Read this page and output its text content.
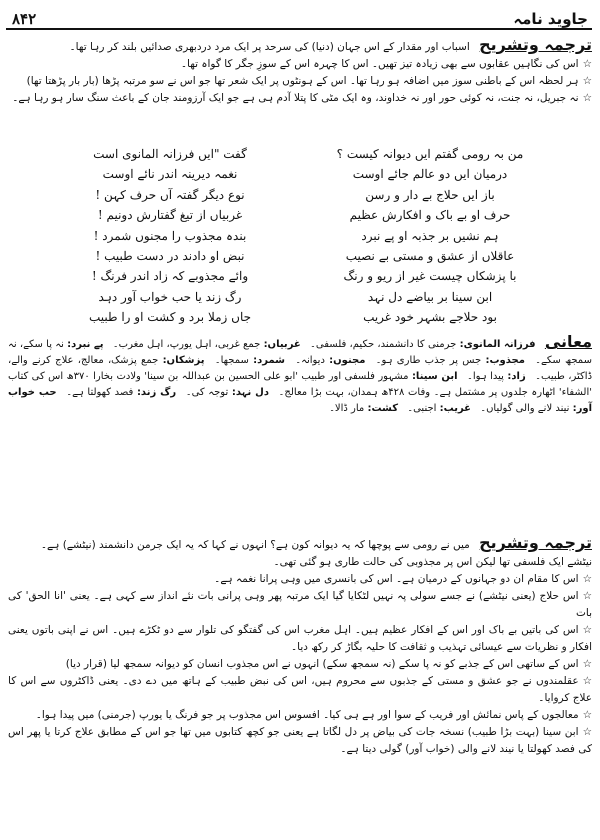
جاوید نامہ
۸۴۲

ترجمہ وتشریح اسباب اور مقدار کے اس جہان (دنیا) کی سرحد پر ایک مرد دردبھری صدائیں بلند کر رہا تھا۔

☆اس کی نگاہیں عقابوں سے بھی زیادہ تیز تھیں۔ اس کا چہرہ اس کے سوزِ جگر کا گواہ تھا۔

☆ہر لحظہ اس کے باطنی سوز میں اضافہ ہو رہا تھا۔ اس کے ہونٹوں پر ایک شعر تھا جو اس نے سو مرتبہ پڑھا (بار بار پڑھتا تھا)

☆نہ جبریل، نہ جنت، نہ کوئی حور اور نہ خداوند، وہ ایک مٹی کا پتلا آدم ہی ہے جو ایک آرزومند جان کے باعث سنگ سار ہو رہا ہے۔

من بہ رومی گفتم ایں دیوانہ کیست ؟
گفت "ایں فرزانہ المانوی است
درمیان ایں دو عالم جائے اوست
نغمہ دیرینہ اندر نائے اوست
باز ایں حلاج بے دار و رسن
نوع دیگر گفتہ آں حرف کہن !
حرف او بے باک و افکارش عظیم
غربیاں از تیغ گفتارش دونیم !
ہم نشیں بر جذبہ او پے نبرد
بندہ مجذوب را مجنوں شمرد !
عاقلاں از عشق و مستی بے نصیب
نبض او دادند در دست طبیب !
با پزشکاں چیست غیر از ریو و رنگ
وائے مجذوبے کہ زاد اندر فرنگ !
ابن سینا بر بیاضے دل نہد
رگ زند یا حب خواب آور دہد
بود حلاجے بشہر خود غریب
جاں زملا برد و کشت او را طبیب

معانی فرزانہ المانوی: جرمنی کا دانشمند، حکیم، فلسفی۔ غربیاں: جمع غربی، اہل یورپ، اہل مغرب۔ پے نبرد: نہ پا سکے، نہ سمجھ سکے۔ مجذوب: جس پر جذب طاری ہو۔ مجنوں: دیوانہ۔ شمرد: سمجھا۔ پزشکاں: جمع پزشک، معالج، علاج کرنے والے، ڈاکٹر، طبیب۔ زاد: پیدا ہوا۔ ابن سینا: مشہور فلسفی اور طبیب 'ابو علی الحسین بن عبداللہ بن سینا' ولادت بخارا ۳۷۰ھ اس کی کتاب 'الشفاء' اٹھارہ جلدوں پر مشتمل ہے۔ وفات ۴۲۸ھ ہمدان، بہت بڑا معالج۔ دل نہد: توجہ کی۔ رگ زند: فصد کھولتا ہے۔ حب خواب آور: نیند لانے والی گولیاں۔ غریب: اجنبی۔ کشت: مار ڈالا۔

ترجمہ وتشریح میں نے رومی سے پوچھا کہ یہ دیوانہ کون ہے؟ انہوں نے کہا کہ یہ ایک جرمن دانشمند (نیٹشے) ہے۔

نیٹشے ایک فلسفی تھا لیکن اس پر مجذوبی کی حالت طاری ہو گئی تھی۔

☆اس کا مقام ان دو جہانوں کے درمیان ہے۔ اس کی بانسری میں وہی پرانا نغمہ ہے۔

☆اس حلاج (یعنی نیٹشے) نے جسے سولی پہ نہیں لٹکایا گیا ایک مرتبہ پھر وہی پرانی بات نئے انداز سے کہی ہے۔ یعنی 'انا الحق' کی بات

☆اس کی باتیں بے باک اور اس کے افکار عظیم ہیں۔ اہل مغرب اس کی گفتگو کی تلوار سے دو ٹکڑے ہیں۔ اس نے اپنی باتوں یعنی افکار و نظریات سے عیسائی تہذیب و ثقافت کا حلیہ بگاڑ کر رکھ دیا۔

☆اس کے ساتھی اس کے جذبے کو نہ پا سکے (نہ سمجھ سکے) انہوں نے اس مجذوب انسان کو دیوانہ سمجھ لیا (قرار دیا)

☆عقلمندوں نے جو عشق و مستی کے جذبوں سے محروم ہیں، اس کی نبض طبیب کے ہاتھ میں دے دی۔ یعنی ڈاکٹروں سے اس کا علاج کروایا۔

☆معالجوں کے پاس نمائش اور فریب کے سوا اور ہے ہی کیا۔ افسوس اس مجذوب پر جو فرنگ یا یورپ (جرمنی) میں پیدا ہوا۔

☆ابن سینا (بہت بڑا طبیب) نسخہ جات کی بیاض پر دل لگاتا ہے یعنی جو کچھ کتابوں میں تھا جو اس کے مطابق علاج کرتا یا پھر اس کی فصد کھولتا یا نیند لانے والی (خواب آور) گولی دیتا ہے۔
